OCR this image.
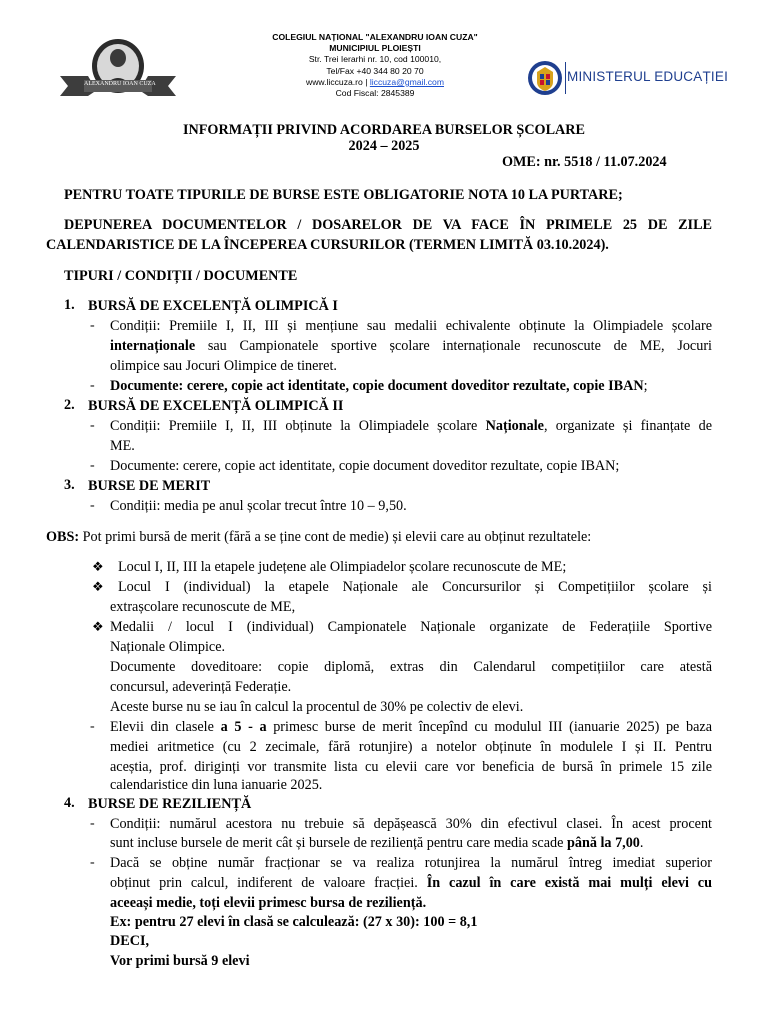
ALEXANDRU IOAN CUZA
COLEGIUL NAȚIONAL "ALEXANDRU IOAN CUZA"
MUNICIPIUL PLOIEȘTI
Str. Trei Ierarhi nr. 10, cod 100010,
Tel/Fax +40 344 80 20 70
www.liccuza.ro | liccuza@gmail.com
Cod Fiscal: 2845389
MINISTERUL EDUCAȚIEI
INFORMAȚII PRIVIND ACORDAREA BURSELOR ȘCOLARE
2024 – 2025
OME: nr. 5518 / 11.07.2024
PENTRU TOATE TIPURILE DE BURSE ESTE OBLIGATORIE NOTA 10 LA PURTARE;
DEPUNEREA DOCUMENTELOR / DOSARELOR DE VA FACE ÎN PRIMELE 25 DE ZILE
CALENDARISTICE DE LA ÎNCEPEREA CURSURILOR (TERMEN LIMITĂ 03.10.2024).
TIPURI / CONDIȚII / DOCUMENTE
1. BURSĂ DE EXCELENȚĂ OLIMPICĂ I
- Condiții: Premiile I, II, III și mențiune sau medalii echivalente obținute la Olimpiadele școlare
internaționale sau Campionatele sportive școlare internaționale recunoscute de ME, Jocuri
olimpice sau Jocuri Olimpice de tineret.
- Documente: cerere, copie act identitate, copie document doveditor rezultate, copie IBAN;
2. BURSĂ DE EXCELENȚĂ OLIMPICĂ II
- Condiții: Premiile I, II, III obținute la Olimpiadele școlare Naționale, organizate și finanțate de
ME.
- Documente: cerere, copie act identitate, copie document doveditor rezultate, copie IBAN;
3. BURSE DE MERIT
- Condiții: media pe anul școlar trecut între 10 – 9,50.
OBS: Pot primi bursă de merit (fără a se ține cont de medie) și elevii care au obținut rezultatele:
❖ Locul I, II, III la etapele județene ale Olimpiadelor școlare recunoscute de ME;
❖ Locul I (individual) la etapele Naționale ale Concursurilor și Competițiilor școlare și
extrașcolare recunoscute de ME,
❖ Medalii / locul I (individual) Campionatele Naționale organizate de Federațiile Sportive
Naționale Olimpice.
Documente doveditoare: copie diplomă, extras din Calendarul competițiilor care atestă
concursul, adeverință Federație.
Aceste burse nu se iau în calcul la procentul de 30% pe colectiv de elevi.
- Elevii din clasele a 5 - a primesc burse de merit începînd cu modulul III (ianuarie 2025) pe baza
mediei aritmetice (cu 2 zecimale, fără rotunjire) a notelor obținute în modulele I și II. Pentru
aceștia, prof. diriginți vor transmite lista cu elevii care vor beneficia de bursă în primele 15 zile
calendaristice din luna ianuarie 2025.
4. BURSE DE REZILIENȚĂ
- Condiții: numărul acestora nu trebuie să depășească 30% din efectivul clasei. În acest procent
sunt incluse bursele de merit cât și bursele de reziliență pentru care media scade până la 7,00.
- Dacă se obține număr fracționar se va realiza rotunjirea la numărul întreg imediat superior
obținut prin calcul, indiferent de valoare fracției. În cazul în care există mai mulți elevi cu
aceeași medie, toți elevii primesc bursa de reziliență.
Ex: pentru 27 elevi în clasă se calculează: (27 x 30): 100 = 8,1
DECI,
Vor primi bursă 9 elevi
